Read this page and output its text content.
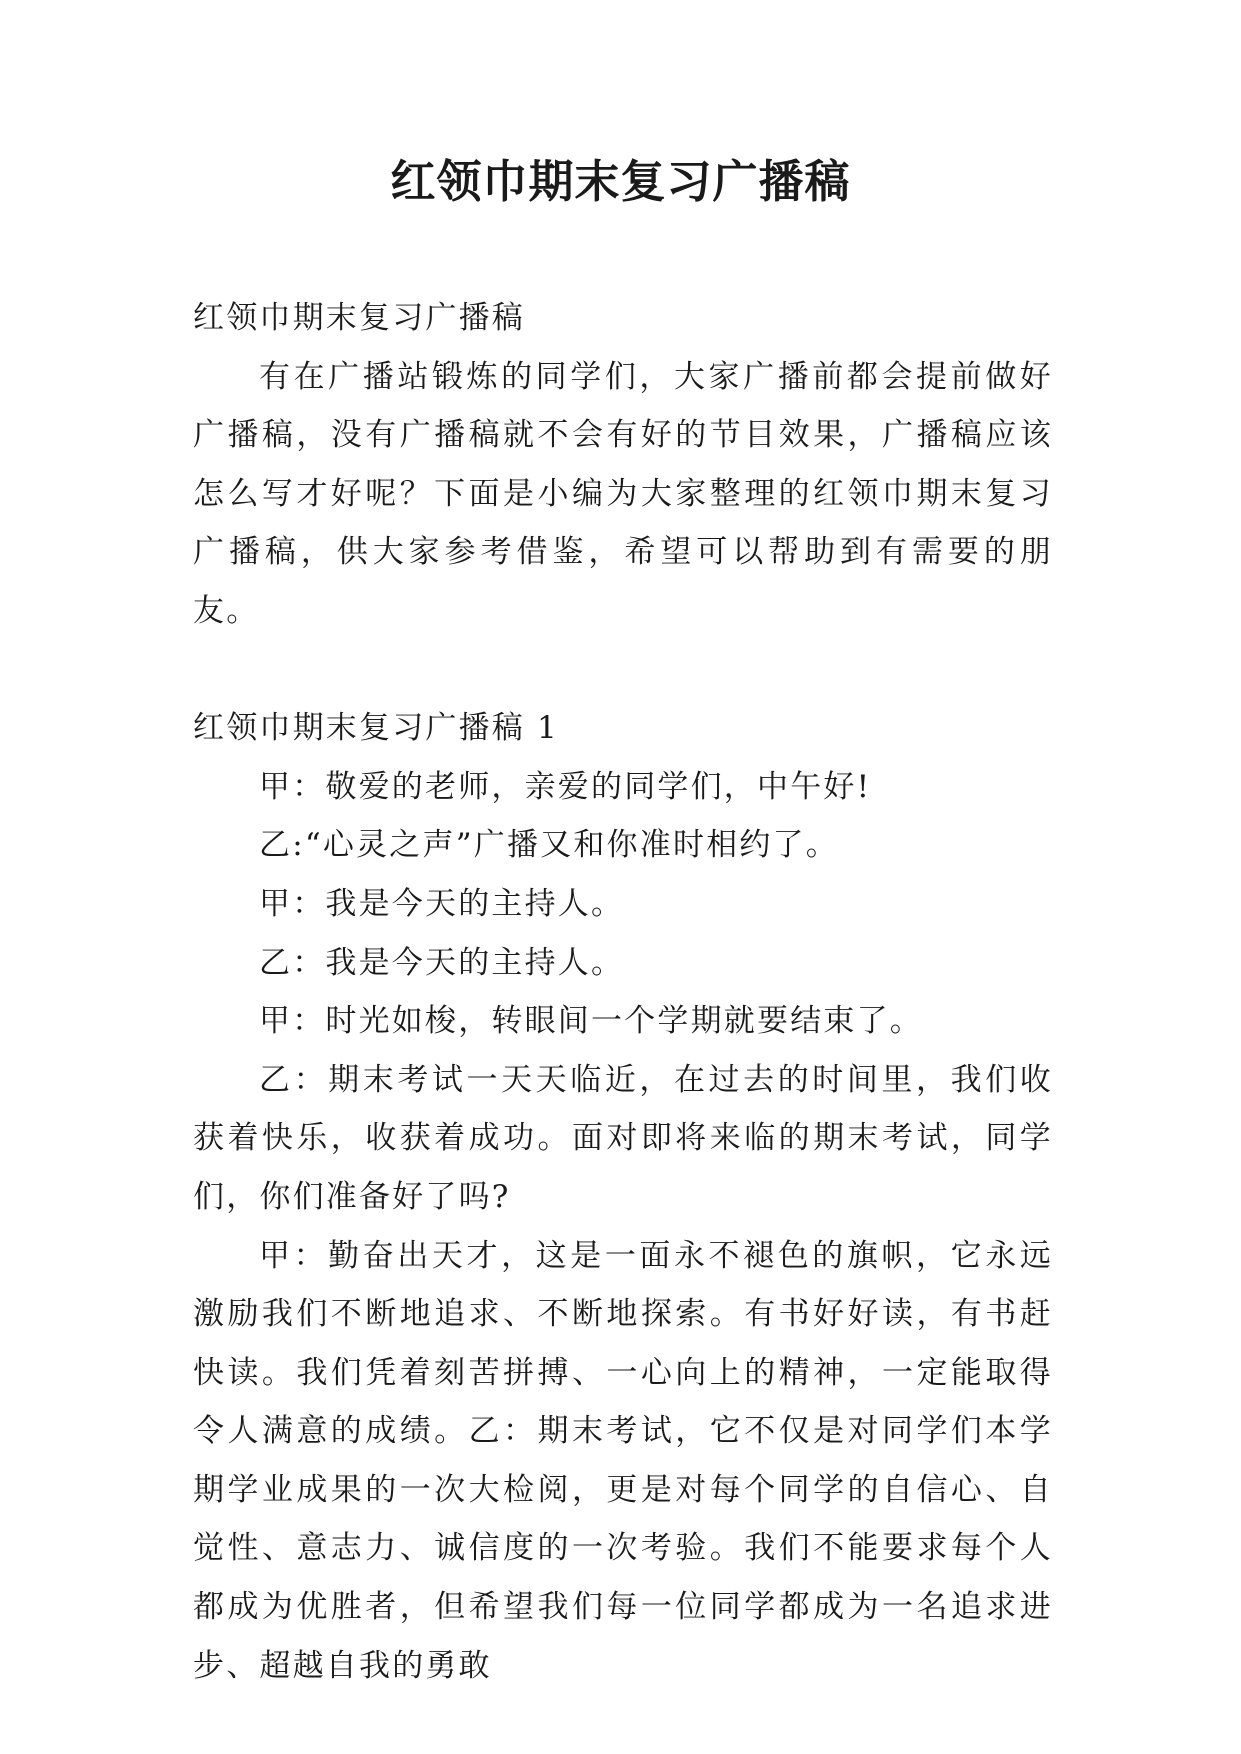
红领巾期末复习广播稿

红领巾期末复习广播稿

有在广播站锻炼的同学们，大家广播前都会提前做好广播稿，没有广播稿就不会有好的节目效果，广播稿应该怎么写才好呢？下面是小编为大家整理的红领巾期末复习广播稿，供大家参考借鉴，希望可以帮助到有需要的朋友。

红领巾期末复习广播稿 1

甲：敬爱的老师，亲爱的同学们，中午好!

乙:“心灵之声”广播又和你准时相约了。

甲：我是今天的主持人。

乙：我是今天的主持人。

甲：时光如梭，转眼间一个学期就要结束了。

乙：期末考试一天天临近，在过去的时间里，我们收获着快乐，收获着成功。面对即将来临的期末考试，同学们，你们准备好了吗?

甲：勤奋出天才，这是一面永不褪色的旗帜，它永远激励我们不断地追求、不断地探索。有书好好读，有书赶快读。我们凭着刻苦拼搏、一心向上的精神，一定能取得令人满意的成绩。乙：期末考试，它不仅是对同学们本学期学业成果的一次大检阅，更是对每个同学的自信心、自觉性、意志力、诚信度的一次考验。我们不能要求每个人都成为优胜者，但希望我们每一位同学都成为一名追求进步、超越自我的勇敢
